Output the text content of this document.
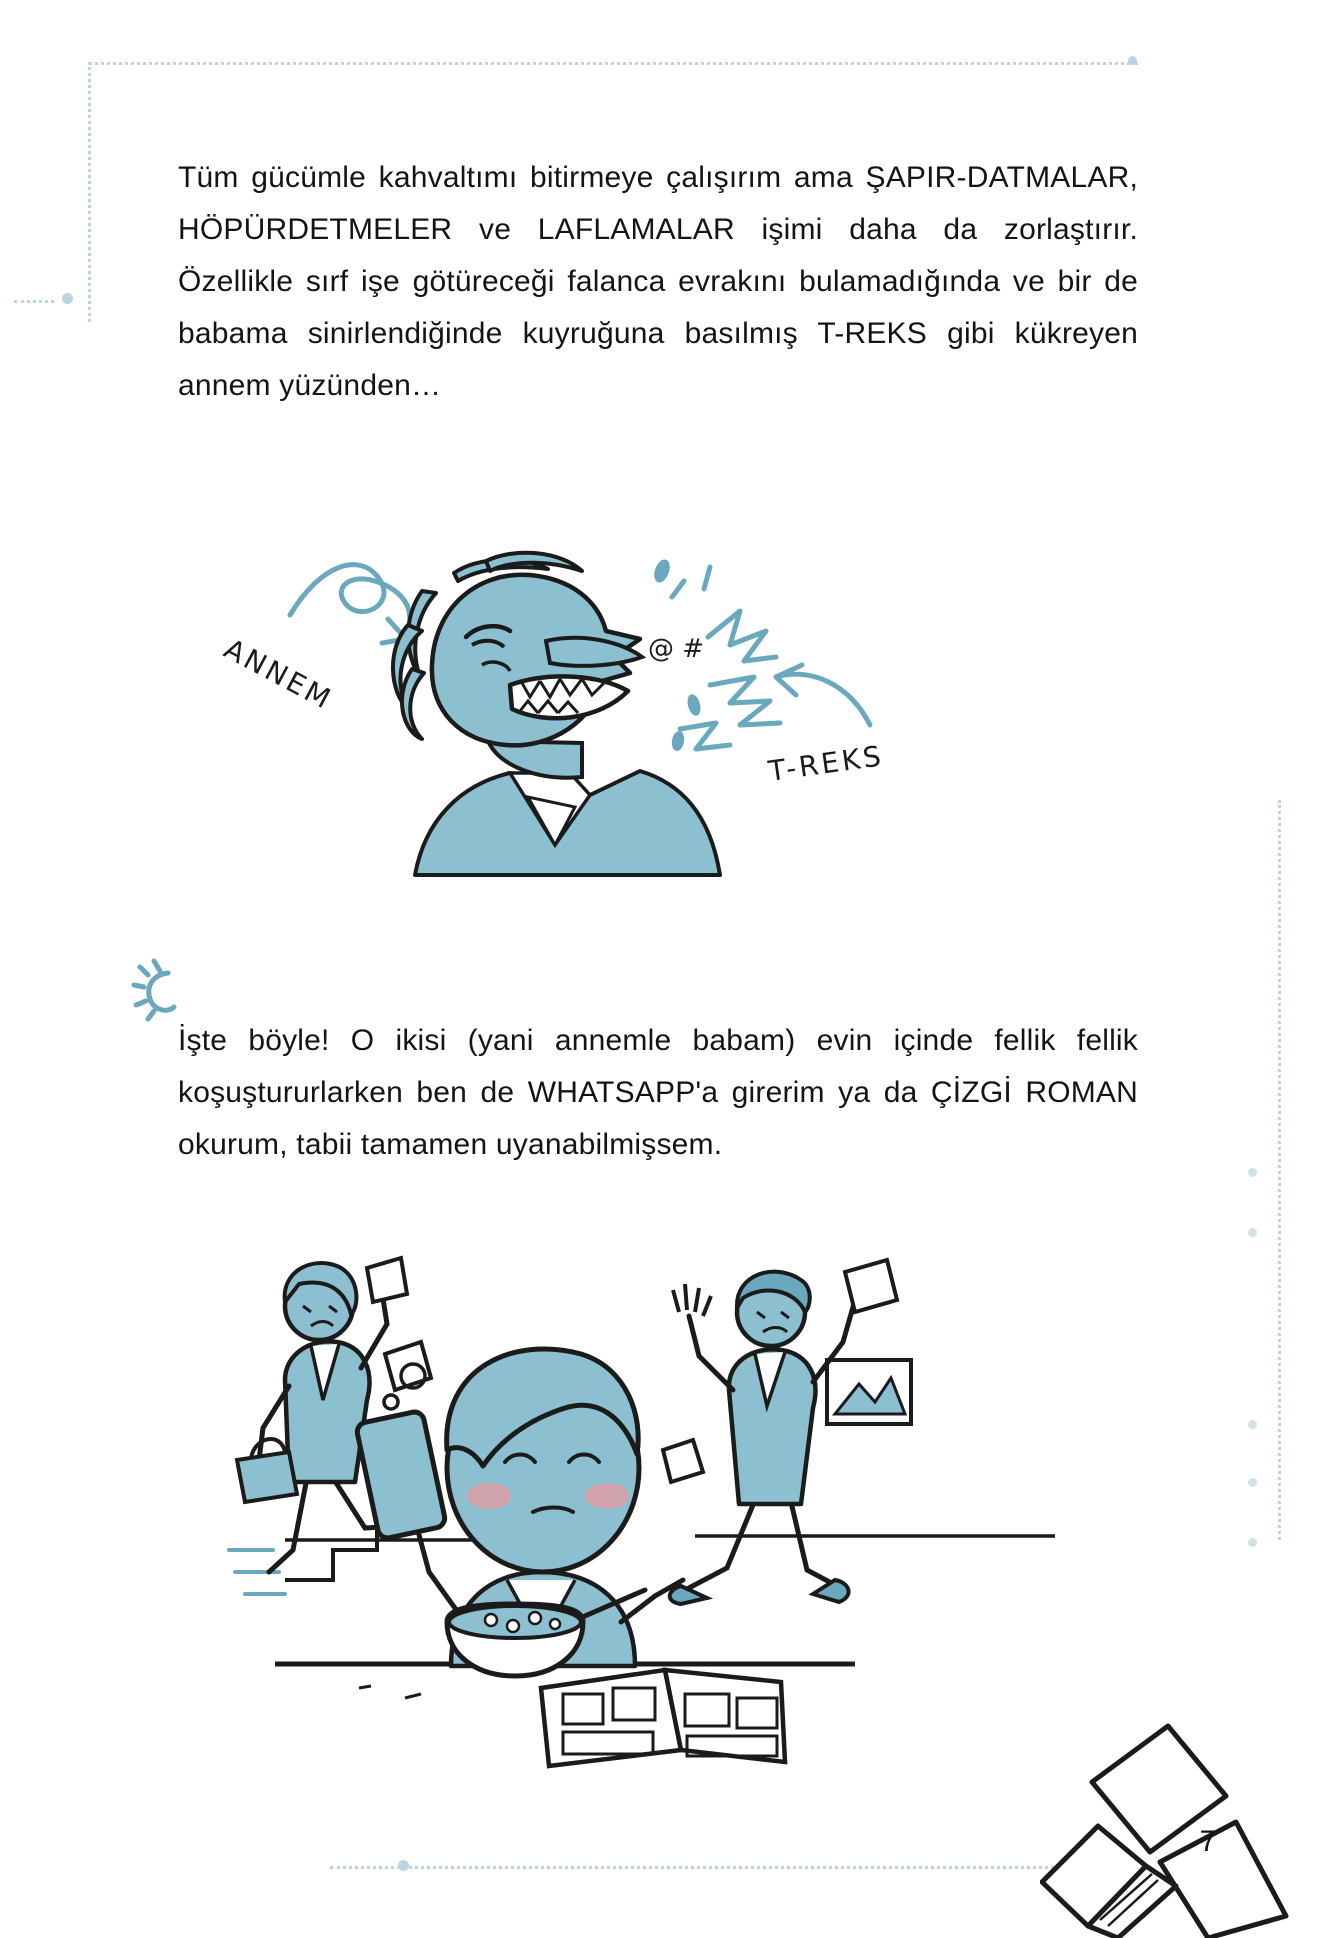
Tüm gücümle kahvaltımı bitirmeye çalışırım ama ŞAPIR-DATMALAR, HÖPÜRDETMELER ve LAFLAMALAR işimi daha da zorlaştırır. Özellikle sırf işe götüreceği falanca evrakını bulamadığında ve bir de babama sinirlendiğinde kuyruğuna basılmış T-REKS gibi kükreyen annem yüzünden…

ANNEM	@ #
T-REKS

İşte böyle! O ikisi (yani annemle babam) evin içinde fellik fellik koşuştururlarken ben de WHATSAPP'a girerim ya da ÇİZGİ ROMAN okurum, tabii tamamen uyanabilmişsem.

7
